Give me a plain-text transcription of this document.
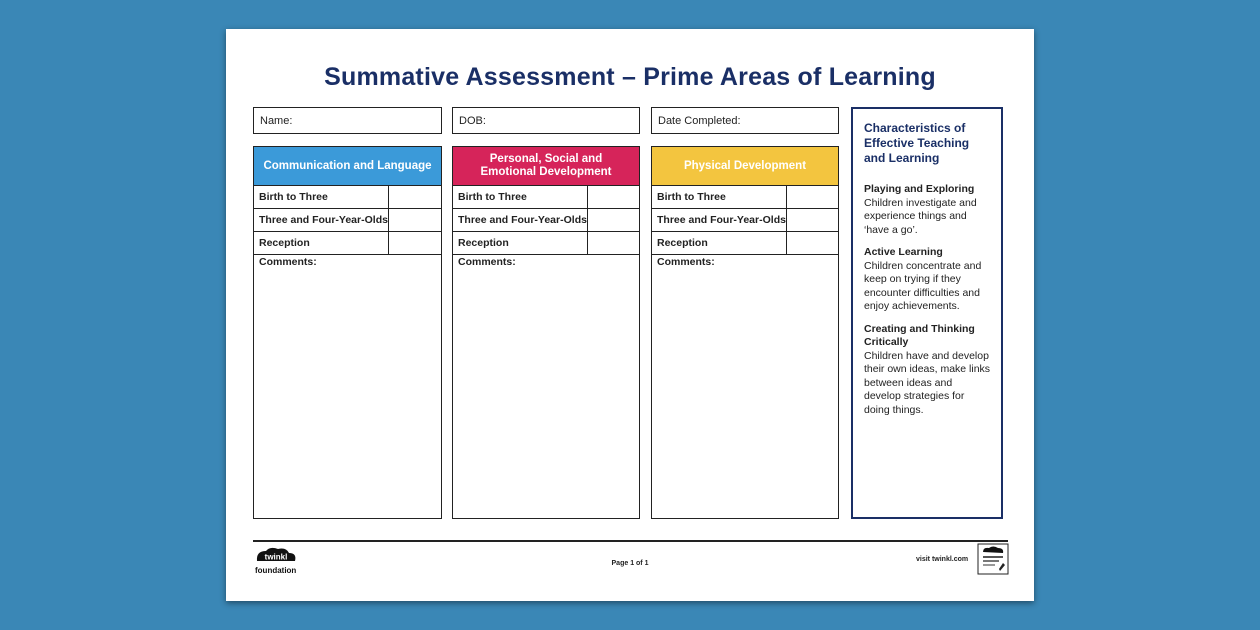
Summative Assessment – Prime Areas of Learning
Name:	DOB:	Date Completed:
Communication and Language
Birth to Three
Three and Four-Year-Olds
Reception
Comments:
Personal, Social and
Emotional Development
Birth to Three
Three and Four-Year-Olds
Reception
Comments:
Physical Development
Birth to Three
Three and Four-Year-Olds
Reception
Comments:
Characteristics of Effective Teaching and Learning
Playing and Exploring
Children investigate and experience things and ‘have a go’.
Active Learning
Children concentrate and keep on trying if they encounter difficulties and enjoy achievements.
Creating and Thinking Critically
Children have and develop their own ideas, make links between ideas and develop strategies for doing things.
twinkl
foundation
Page 1 of 1
visit twinkl.com
